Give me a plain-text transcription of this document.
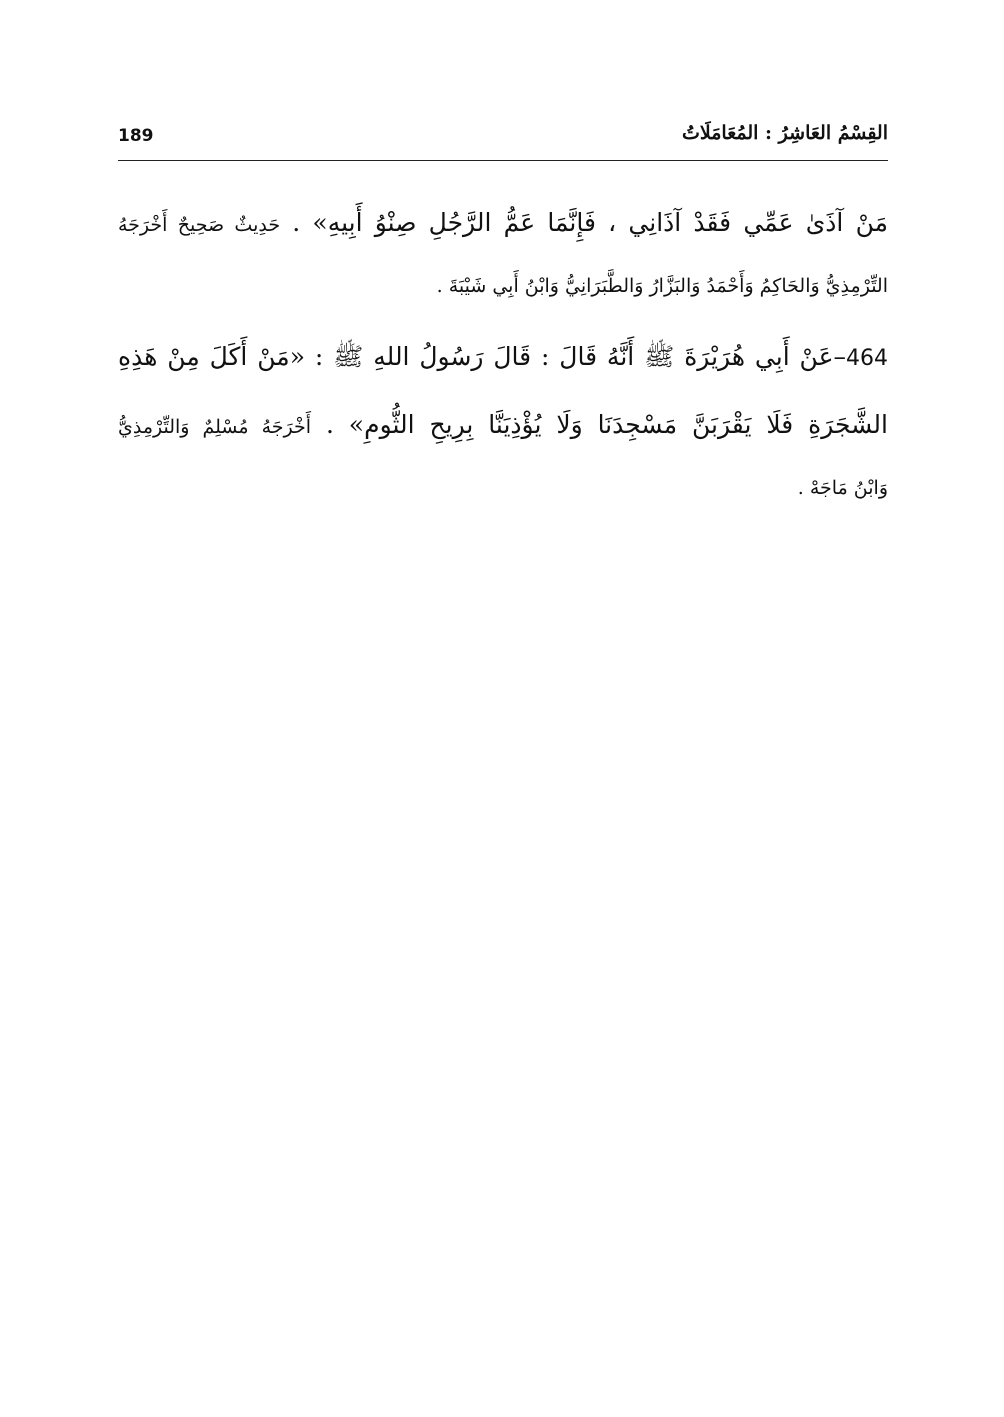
189	القِسْمُ العَاشِرُ : المُعَامَلَاتُ
مَنْ آذَىٰ عَمِّي فَقَدْ آذَانِي ، فَإِنَّمَا عَمُّ الرَّجُلِ صِنْوُ أَبِيهِ» . حَدِيثٌ صَحِيحٌ أَخْرَجَهُ
التِّرْمِذِيُّ وَالحَاكِمُ وَأَحْمَدُ وَالبَزَّارُ وَالطَّبَرَانِيُّ وَابْنُ أَبِي شَيْبَةَ .
464–عَنْ أَبِي هُرَيْرَةَ ﷺ أَنَّهُ قَالَ : قَالَ رَسُولُ اللهِ ﷺ : «مَنْ أَكَلَ مِنْ هَذِهِ
الشَّجَرَةِ فَلَا يَقْرَبَنَّ مَسْجِدَنَا وَلَا يُؤْذِيَنَّا بِرِيحِ الثُّومِ» . أَخْرَجَهُ مُسْلِمٌ وَالتِّرْمِذِيُّ
وَابْنُ مَاجَهْ .
